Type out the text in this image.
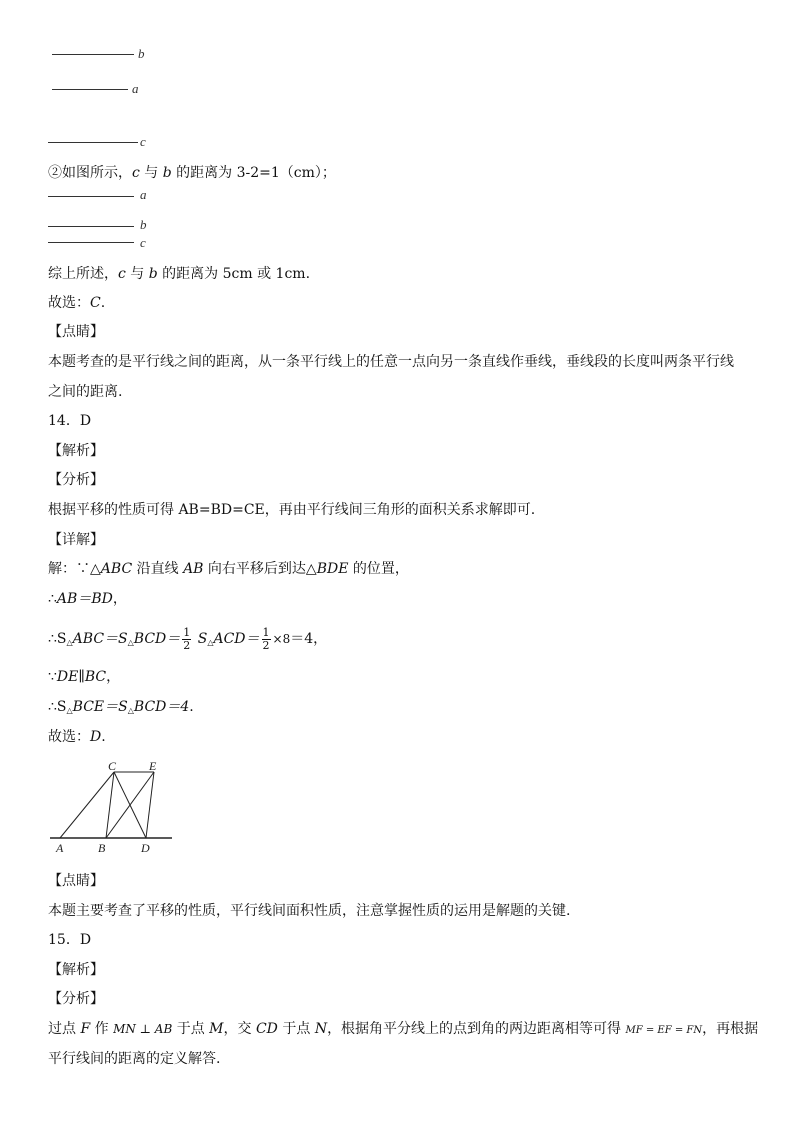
b
a
c
②如图所示，c 与 b 的距离为 3-2=1（cm）；
a
b
c
综上所述，c 与 b 的距离为 5cm 或 1cm.
故选：C.
【点睛】
本题考查的是平行线之间的距离，从一条平行线上的任意一点向另一条直线作垂线，垂线段的长度叫两条平行线
之间的距离.
14．D
【解析】
【分析】
根据平移的性质可得 AB=BD=CE，再由平行线间三角形的面积关系求解即可.
【详解】
解：∵△ABC 沿直线 AB 向右平移后到达△BDE 的位置，
∴AB＝BD，
$\therefore S_\triangle ABC=S_\triangle BCD= \frac{1}{2} S_\triangle ACD= \frac{1}{2} \times 8=4$，
∵DE∥BC，
$\therefore S_\triangle BCE=S_\triangle BCD=4$.
故选：D.
C	E
A	B	D
【点睛】
本题主要考查了平移的性质，平行线间面积性质，注意掌握性质的运用是解题的关键.
15．D
【解析】
【分析】
过点 F 作 MN ⊥ AB 于点 M，交 CD 于点 N，根据角平分线上的点到角的两边距离相等可得 MF = EF = FN，再根据
平行线间的距离的定义解答.
